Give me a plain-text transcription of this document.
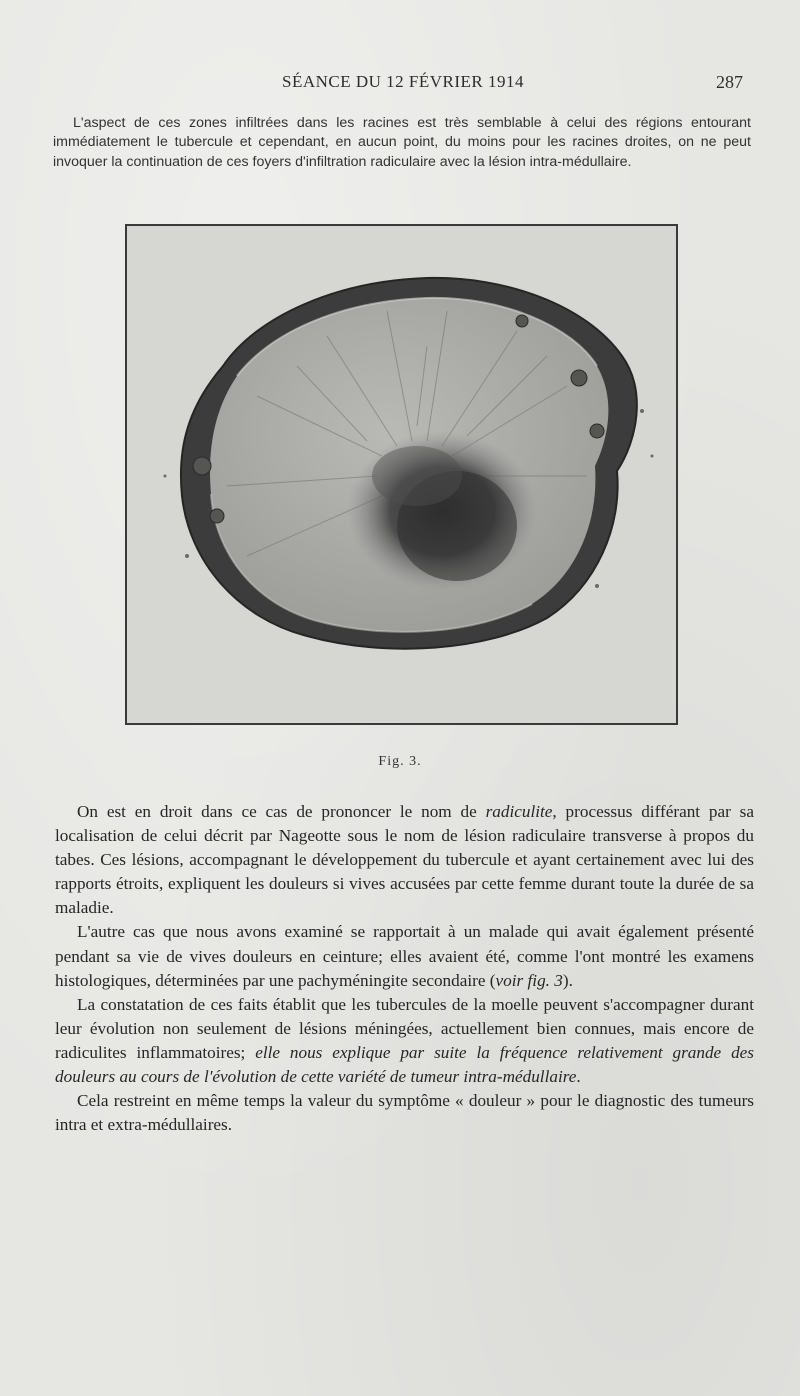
SÉANCE DU 12 FÉVRIER 1914	287

L'aspect de ces zones infiltrées dans les racines est très semblable à celui des régions entourant immédiatement le tubercule et cependant, en aucun point, du moins pour les racines droites, on ne peut invoquer la continuation de ces foyers d'infiltration radiculaire avec la lésion intra-médullaire.

Fig. 3.

On est en droit dans ce cas de prononcer le nom de radiculite, processus différant par sa localisation de celui décrit par Nageotte sous le nom de lésion radiculaire transverse à propos du tabes. Ces lésions, accompagnant le développement du tubercule et ayant certainement avec lui des rapports étroits, expliquent les douleurs si vives accusées par cette femme durant toute la durée de sa maladie.

L'autre cas que nous avons examiné se rapportait à un malade qui avait également présenté pendant sa vie de vives douleurs en ceinture; elles avaient été, comme l'ont montré les examens histologiques, déterminées par une pachyméningite secondaire (voir fig. 3).

La constatation de ces faits établit que les tubercules de la moelle peuvent s'accompagner durant leur évolution non seulement de lésions méningées, actuellement bien connues, mais encore de radiculites inflammatoires; elle nous explique par suite la fréquence relativement grande des douleurs au cours de l'évolution de cette variété de tumeur intra-médullaire.

Cela restreint en même temps la valeur du symptôme « douleur » pour le diagnostic des tumeurs intra et extra-médullaires.
